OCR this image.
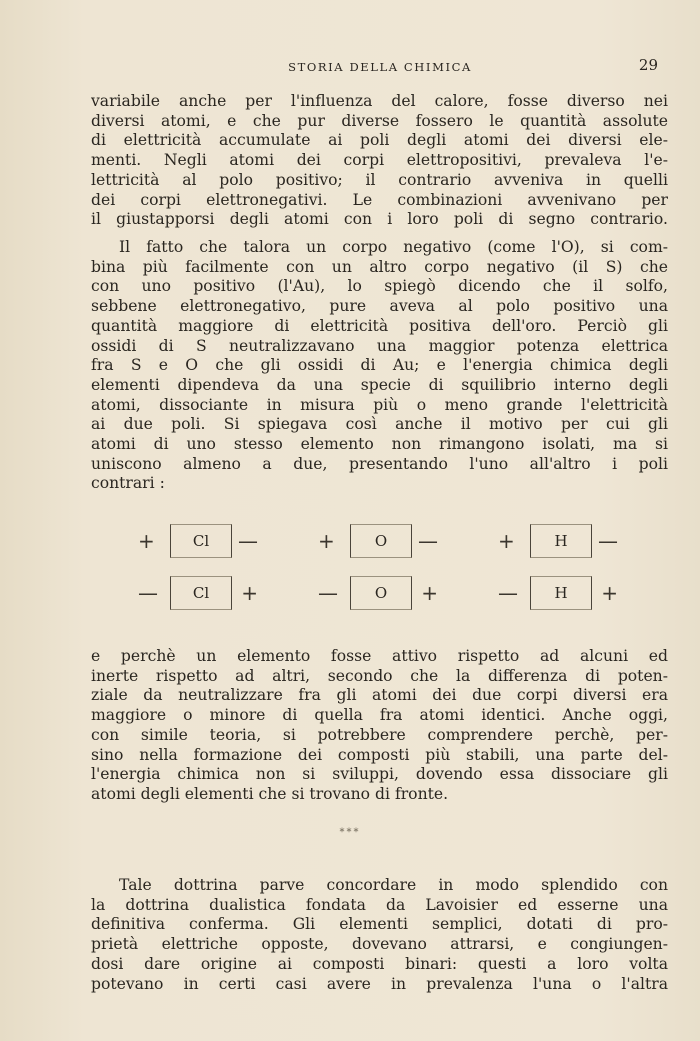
STORIA DELLA CHIMICA	29
variabile anche per l'influenza del calore, fosse diverso nei
diversi atomi, e che pur diverse fossero le quantità assolute
di elettricità accumulate ai poli degli atomi dei diversi ele-
menti. Negli atomi dei corpi elettropositivi, prevaleva l'e-
lettricità al polo positivo; il contrario avveniva in quelli
dei corpi elettronegativi. Le combinazioni avvenivano per
il giustapporsi degli atomi con i loro poli di segno contrario.
Il fatto che talora un corpo negativo (come l'O), si com-
bina più facilmente con un altro corpo negativo (il S) che
con uno positivo (l'Au), lo spiegò dicendo che il solfo,
sebbene elettronegativo, pure aveva al polo positivo una
quantità maggiore di elettricità positiva dell'oro. Perciò gli
ossidi di S neutralizzavano una maggior potenza elettrica
fra S e O che gli ossidi di Au; e l'energia chimica degli
elementi dipendeva da una specie di squilibrio interno degli
atomi, dissociante in misura più o meno grande l'elettricità
ai due poli. Si spiegava così anche il motivo per cui gli
atomi di uno stesso elemento non rimangono isolati, ma si
uniscono almeno a due, presentando l'uno all'altro i poli
contrari :
+	Cl	—
—	Cl	+
+	O	—
—	O	+
+	H	—
—	H	+
e perchè un elemento fosse attivo rispetto ad alcuni ed
inerte rispetto ad altri, secondo che la differenza di poten-
ziale da neutralizzare fra gli atomi dei due corpi diversi era
maggiore o minore di quella fra atomi identici. Anche oggi,
con simile teoria, si potrebbere comprendere perchè, per-
sino nella formazione dei composti più stabili, una parte del-
l'energia chimica non si sviluppi, dovendo essa dissociare gli
atomi degli elementi che si trovano di fronte.
***
Tale dottrina parve concordare in modo splendido con
la dottrina dualistica fondata da Lavoisier ed esserne una
definitiva conferma. Gli elementi semplici, dotati di pro-
prietà elettriche opposte, dovevano attrarsi, e congiungen-
dosi dare origine ai composti binari: questi a loro volta
potevano in certi casi avere in prevalenza l'una o l'altra
